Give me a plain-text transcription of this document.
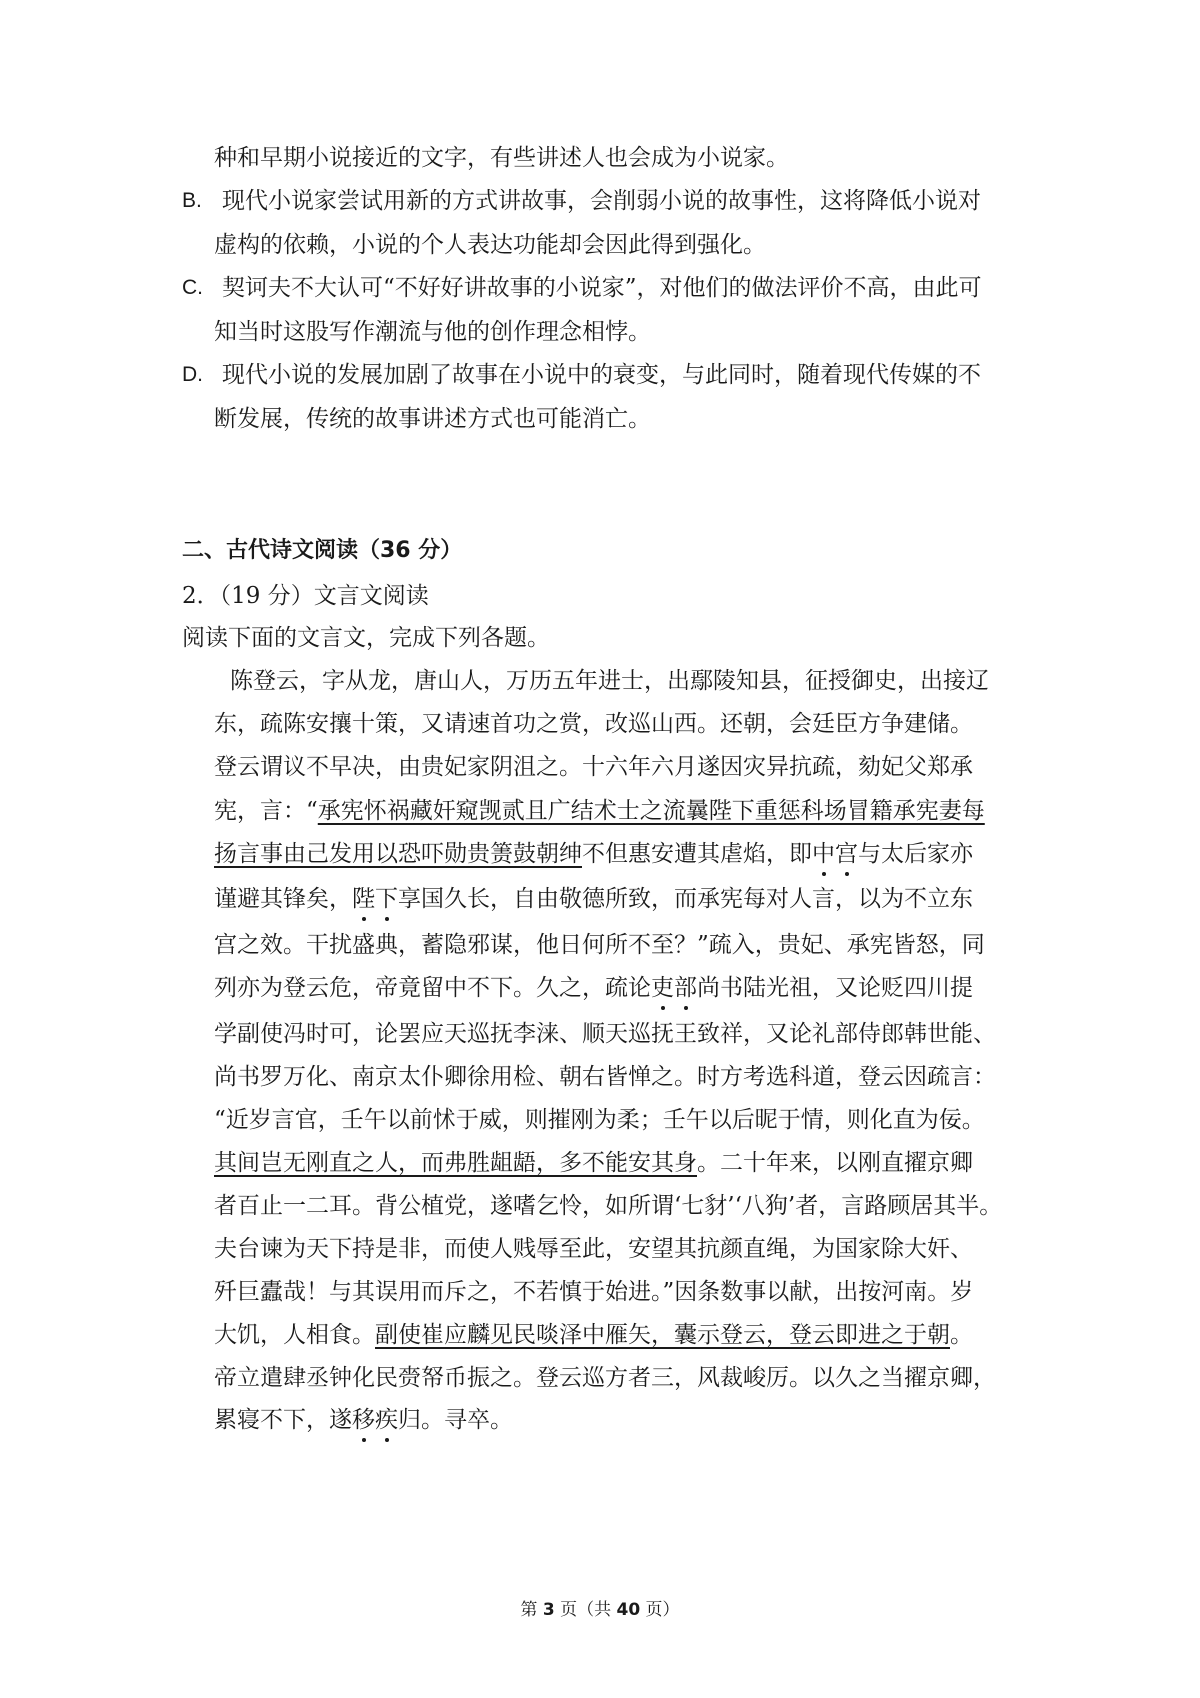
种和早期小说接近的文字，有些讲述人也会成为小说家。
B. 现代小说家尝试用新的方式讲故事，会削弱小说的故事性，这将降低小说对
虚构的依赖，小说的个人表达功能却会因此得到强化。
C. 契诃夫不大认可“不好好讲故事的小说家”，对他们的做法评价不高，由此可
知当时这股写作潮流与他的创作理念相悖。
D. 现代小说的发展加剧了故事在小说中的衰变，与此同时，随着现代传媒的不
断发展，传统的故事讲述方式也可能消亡。
二、古代诗文阅读（36 分）
2．（19 分）文言文阅读
阅读下面的文言文，完成下列各题。
陈登云，字从龙，唐山人，万历五年进士，出鄢陵知县，征授御史，出接辽
东，疏陈安攘十策，又请速首功之赏，改巡山西。还朝，会廷臣方争建储。
登云谓议不早决，由贵妃家阴沮之。十六年六月遂因灾异抗疏，劾妃父郑承
宪，言：“承宪怀祸藏奸窥觊贰且广结术士之流曩陛下重惩科场冒籍承宪妻每
扬言事由己发用以恐吓勋贵箦鼓朝绅不但惠安遭其虐焰，即中宫与太后家亦
谨避其锋矣，陛下享国久长，自由敬德所致，而承宪每对人言，以为不立东
宫之效。干扰盛典，蓄隐邪谋，他日何所不至？”疏入，贵妃、承宪皆怒，同
列亦为登云危，帝竟留中不下。久之，疏论吏部尚书陆光祖，又论贬四川提
学副使冯时可，论罢应天巡抚李涞、顺天巡抚王致祥，又论礼部侍郎韩世能、
尚书罗万化、南京太仆卿徐用检、朝右皆惮之。时方考选科道，登云因疏言：
“近岁言官，壬午以前怵于威，则摧刚为柔；壬午以后昵于情，则化直为佞。
其间岂无刚直之人，而弗胜龃龉，多不能安其身。二十年来，以刚直擢京卿
者百止一二耳。背公植党，遂嗜乞怜，如所谓‘七豺’‘八狗’者，言路顾居其半。
夫台谏为天下持是非，而使人贱辱至此，安望其抗颜直绳，为国家除大奸、
歼巨蠹哉！与其误用而斥之，不若慎于始进。”因条数事以献，出按河南。岁
大饥，人相食。副使崔应麟见民啖泽中雁矢，囊示登云，登云即进之于朝。
帝立遣肆丞钟化民赍帑币振之。登云巡方者三，风裁峻厉。以久之当擢京卿，
累寝不下，遂移疾归。寻卒。
第 3 页（共 40 页）
